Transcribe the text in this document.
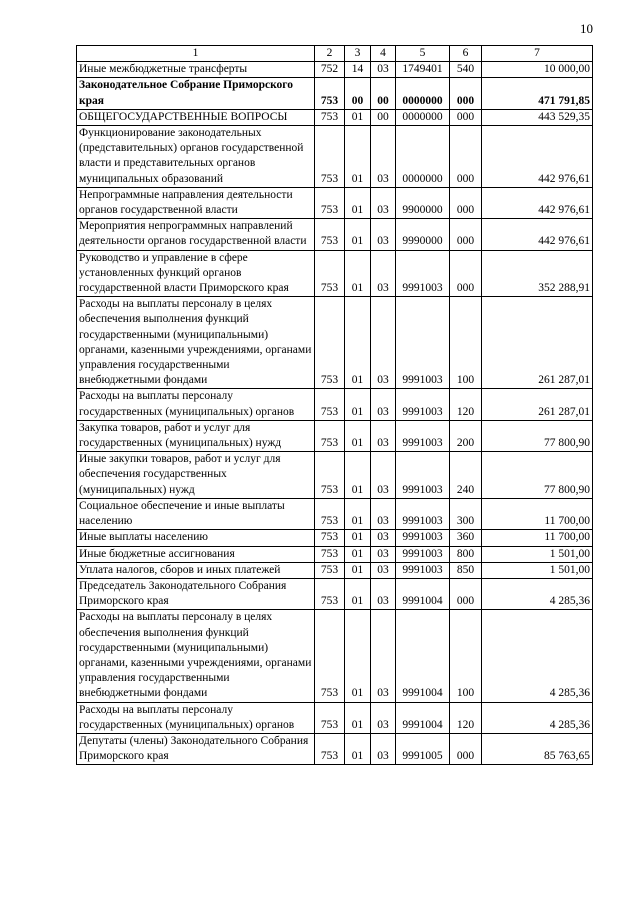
10
1	2	3	4	5	6	7
Иные межбюджетные трансферты	752	14	03	1749401	540	10 000,00
Законодательное Собрание Приморского края	753	00	00	0000000	000	471 791,85
ОБЩЕГОСУДАРСТВЕННЫЕ ВОПРОСЫ	753	01	00	0000000	000	443 529,35
Функционирование законодательных (представительных) органов государственной власти и представительных органов муниципальных образований	753	01	03	0000000	000	442 976,61
Непрограммные направления деятельности органов государственной власти	753	01	03	9900000	000	442 976,61
Мероприятия непрограммных направлений деятельности органов государственной власти	753	01	03	9990000	000	442 976,61
Руководство и управление в сфере установленных функций органов государственной власти Приморского края	753	01	03	9991003	000	352 288,91
Расходы на выплаты персоналу в целях обеспечения выполнения функций государственными (муниципальными) органами, казенными учреждениями, органами управления государственными внебюджетными фондами	753	01	03	9991003	100	261 287,01
Расходы на выплаты персоналу государственных (муниципальных) органов	753	01	03	9991003	120	261 287,01
Закупка товаров, работ и услуг для государственных (муниципальных) нужд	753	01	03	9991003	200	77 800,90
Иные закупки товаров, работ и услуг для обеспечения государственных (муниципальных) нужд	753	01	03	9991003	240	77 800,90
Социальное обеспечение и иные выплаты населению	753	01	03	9991003	300	11 700,00
Иные выплаты населению	753	01	03	9991003	360	11 700,00
Иные бюджетные ассигнования	753	01	03	9991003	800	1 501,00
Уплата налогов, сборов и иных платежей	753	01	03	9991003	850	1 501,00
Председатель Законодательного Собрания Приморского края	753	01	03	9991004	000	4 285,36
Расходы на выплаты персоналу в целях обеспечения выполнения функций государственными (муниципальными) органами, казенными учреждениями, органами управления государственными внебюджетными фондами	753	01	03	9991004	100	4 285,36
Расходы на выплаты персоналу государственных (муниципальных) органов	753	01	03	9991004	120	4 285,36
Депутаты (члены) Законодательного Собрания Приморского края	753	01	03	9991005	000	85 763,65
